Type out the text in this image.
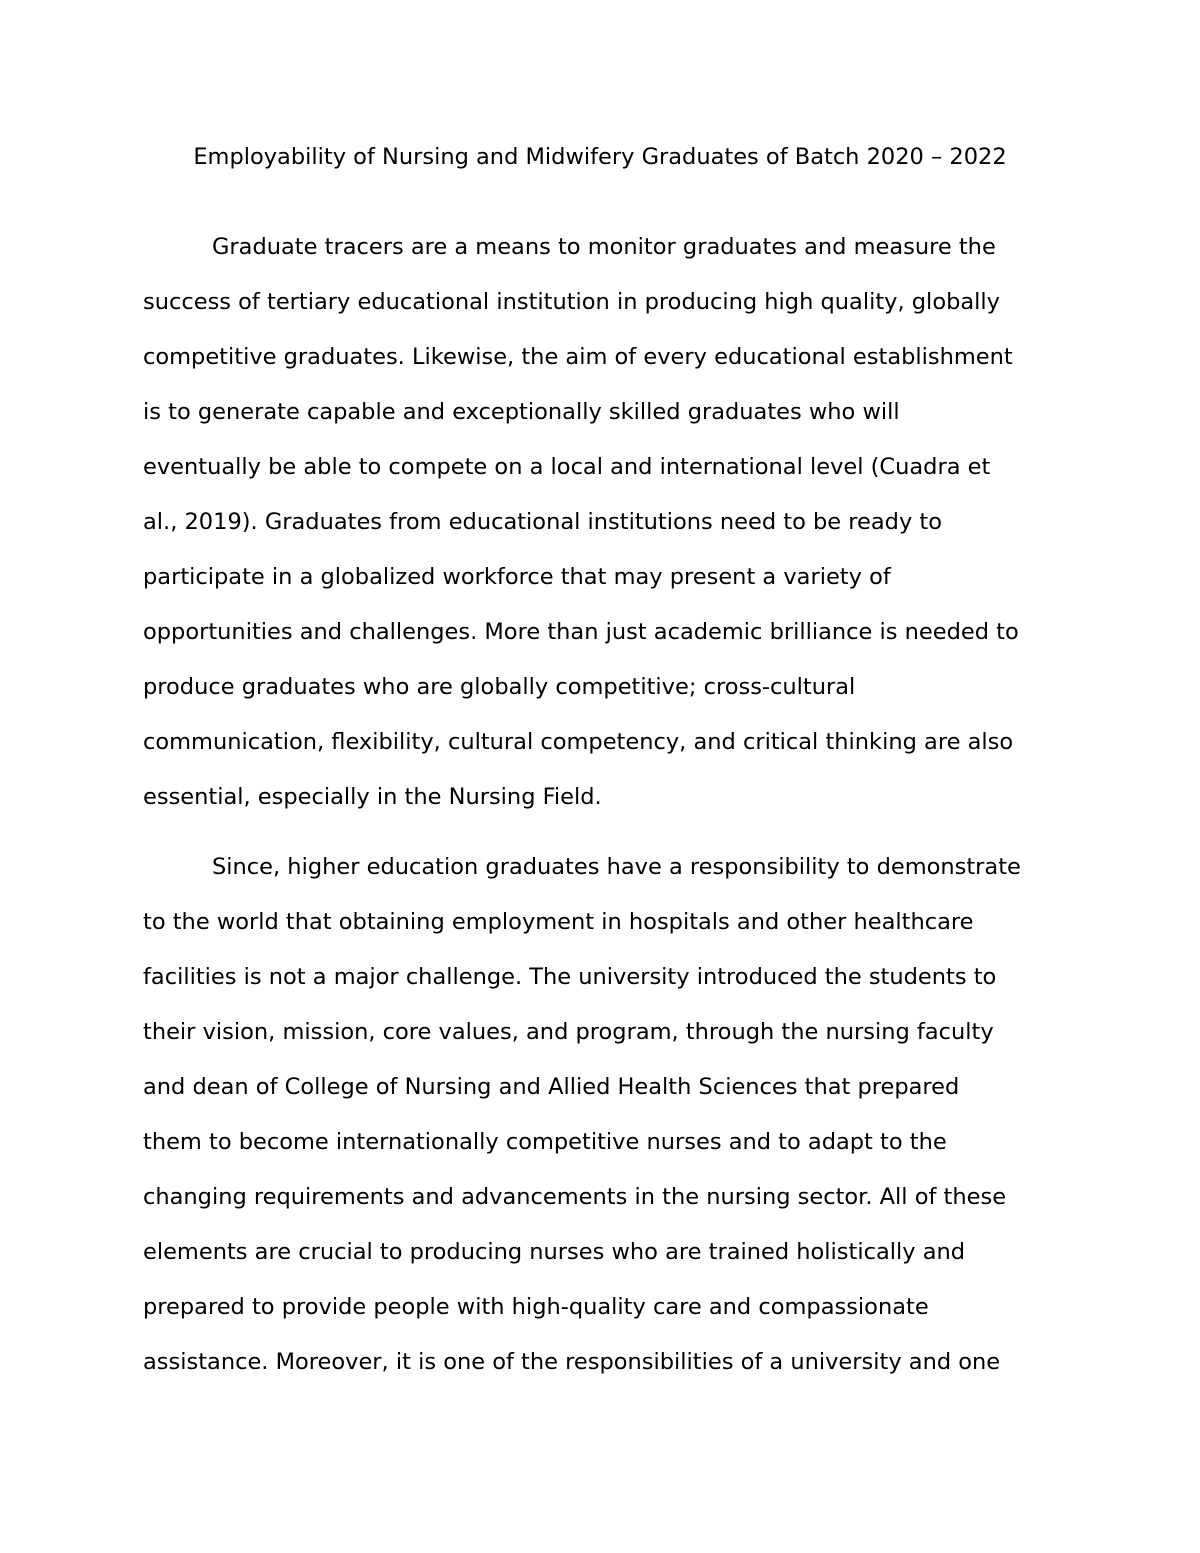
Employability of Nursing and Midwifery Graduates of Batch 2020 – 2022

Graduate tracers are a means to monitor graduates and measure the

success of tertiary educational institution in producing high quality, globally

competitive graduates. Likewise, the aim of every educational establishment

is to generate capable and exceptionally skilled graduates who will

eventually be able to compete on a local and international level (Cuadra et

al., 2019). Graduates from educational institutions need to be ready to

participate in a globalized workforce that may present a variety of

opportunities and challenges. More than just academic brilliance is needed to

produce graduates who are globally competitive; cross-cultural

communication, flexibility, cultural competency, and critical thinking are also

essential, especially in the Nursing Field.

Since, higher education graduates have a responsibility to demonstrate

to the world that obtaining employment in hospitals and other healthcare

facilities is not a major challenge. The university introduced the students to

their vision, mission, core values, and program, through the nursing faculty

and dean of College of Nursing and Allied Health Sciences that prepared

them to become internationally competitive nurses and to adapt to the

changing requirements and advancements in the nursing sector. All of these

elements are crucial to producing nurses who are trained holistically and

prepared to provide people with high-quality care and compassionate

assistance. Moreover, it is one of the responsibilities of a university and one
